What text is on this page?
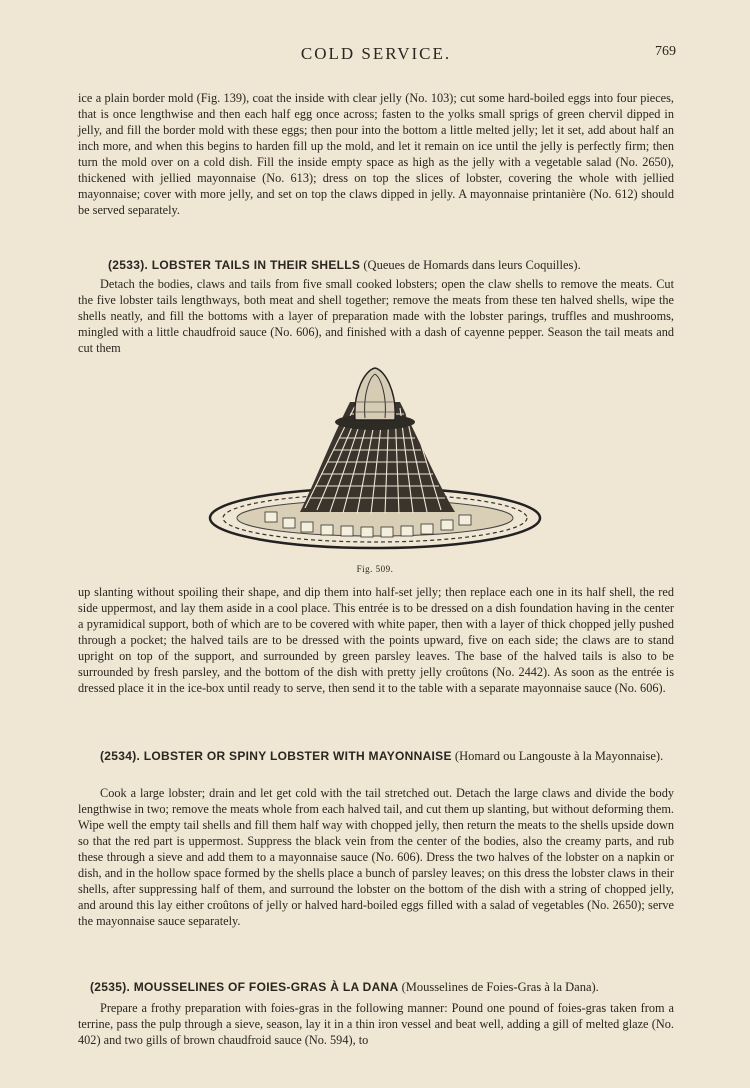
COLD SERVICE.	769

ice a plain border mold (Fig. 139), coat the inside with clear jelly (No. 103); cut some hard-boiled eggs into four pieces, that is once lengthwise and then each half egg once across; fasten to the yolks small sprigs of green chervil dipped in jelly, and fill the border mold with these eggs; then pour into the bottom a little melted jelly; let it set, add about half an inch more, and when this begins to harden fill up the mold, and let it remain on ice until the jelly is perfectly firm; then turn the mold over on a cold dish. Fill the inside empty space as high as the jelly with a vegetable salad (No. 2650), thickened with jellied mayonnaise (No. 613); dress on top the slices of lobster, covering the whole with jellied mayonnaise; cover with more jelly, and set on top the claws dipped in jelly. A mayonnaise printanière (No. 612) should be served separately.

(2533). LOBSTER TAILS IN THEIR SHELLS (Queues de Homards dans leurs Coquilles).

Detach the bodies, claws and tails from five small cooked lobsters; open the claw shells to remove the meats. Cut the five lobster tails lengthways, both meat and shell together; remove the meats from these ten halved shells, wipe the shells neatly, and fill the bottoms with a layer of preparation made with the lobster parings, truffles and mushrooms, mingled with a little chaudfroid sauce (No. 606), and finished with a dash of cayenne pepper. Season the tail meats and cut them

Fig. 509.

up slanting without spoiling their shape, and dip them into half-set jelly; then replace each one in its half shell, the red side uppermost, and lay them aside in a cool place. This entrée is to be dressed on a dish foundation having in the center a pyramidical support, both of which are to be covered with white paper, then with a layer of thick chopped jelly pushed through a pocket; the halved tails are to be dressed with the points upward, five on each side; the claws are to stand upright on top of the support, and surrounded by green parsley leaves. The base of the halved tails is also to be surrounded by fresh parsley, and the bottom of the dish with pretty jelly croûtons (No. 2442). As soon as the entrée is dressed place it in the ice-box until ready to serve, then send it to the table with a separate mayonnaise sauce (No. 606).

(2534). LOBSTER OR SPINY LOBSTER WITH MAYONNAISE (Homard ou Langouste à la Mayonnaise).

Cook a large lobster; drain and let get cold with the tail stretched out. Detach the large claws and divide the body lengthwise in two; remove the meats whole from each halved tail, and cut them up slanting, but without deforming them. Wipe well the empty tail shells and fill them half way with chopped jelly, then return the meats to the shells upside down so that the red part is uppermost. Suppress the black vein from the center of the bodies, also the creamy parts, and rub these through a sieve and add them to a mayonnaise sauce (No. 606). Dress the two halves of the lobster on a napkin or dish, and in the hollow space formed by the shells place a bunch of parsley leaves; on this dress the lobster claws in their shells, after suppressing half of them, and surround the lobster on the bottom of the dish with a string of chopped jelly, and around this lay either croûtons of jelly or halved hard-boiled eggs filled with a salad of vegetables (No. 2650); serve the mayonnaise sauce separately.

(2535). MOUSSELINES OF FOIES-GRAS À LA DANA (Mousselines de Foies-Gras à la Dana).

Prepare a frothy preparation with foies-gras in the following manner: Pound one pound of foies-gras taken from a terrine, pass the pulp through a sieve, season, lay it in a thin iron vessel and beat well, adding a gill of melted glaze (No. 402) and two gills of brown chaudfroid sauce (No. 594), to
